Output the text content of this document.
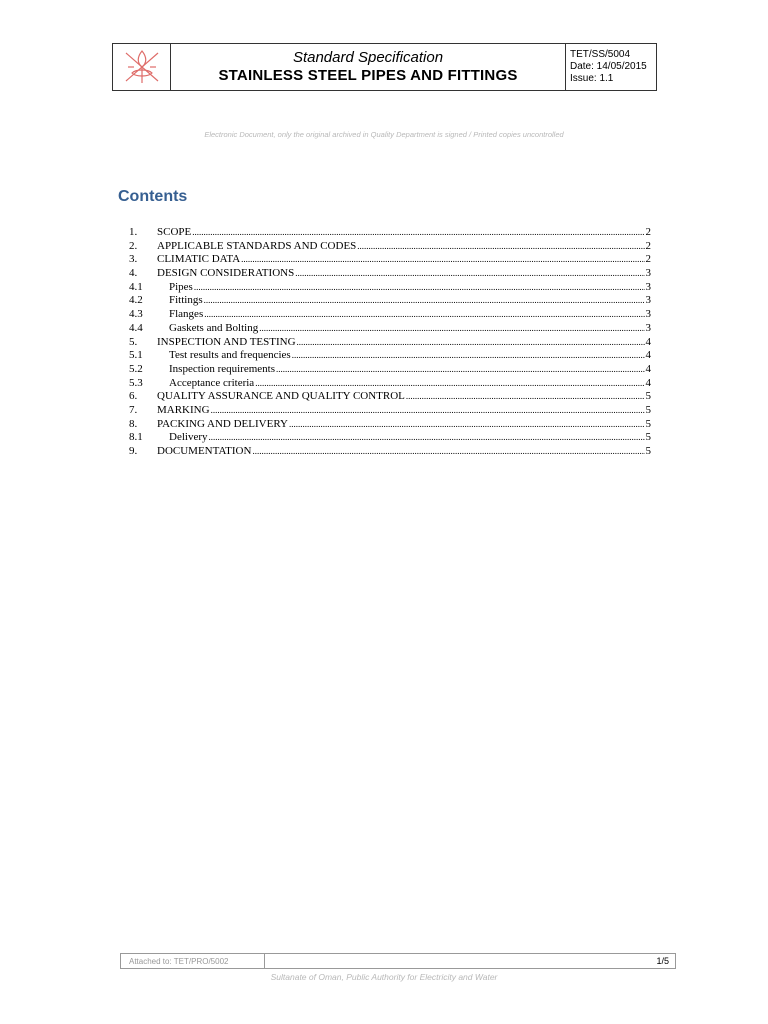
Standard Specification
STAINLESS STEEL PIPES AND FITTINGS
TET/SS/5004
Date: 14/05/2015
Issue: 1.1
Electronic Document, only the original archived in Quality Department is signed / Printed copies uncontrolled
Contents
1.	SCOPE .....	2
2.	APPLICABLE STANDARDS AND CODES .....	2
3.	CLIMATIC DATA .....	2
4.	DESIGN CONSIDERATIONS .....	3
4.1	Pipes .....	3
4.2	Fittings .....	3
4.3	Flanges .....	3
4.4	Gaskets and Bolting .....	3
5.	INSPECTION AND TESTING .....	4
5.1	Test results and frequencies .....	4
5.2	Inspection requirements .....	4
5.3	Acceptance criteria .....	4
6.	QUALITY ASSURANCE AND QUALITY CONTROL .....	5
7.	MARKING .....	5
8.	PACKING AND DELIVERY .....	5
8.1	Delivery .....	5
9.	DOCUMENTATION .....	5
Attached to: TET/PRO/5002	1/5
Sultanate of Oman, Public Authority for Electricity and Water
